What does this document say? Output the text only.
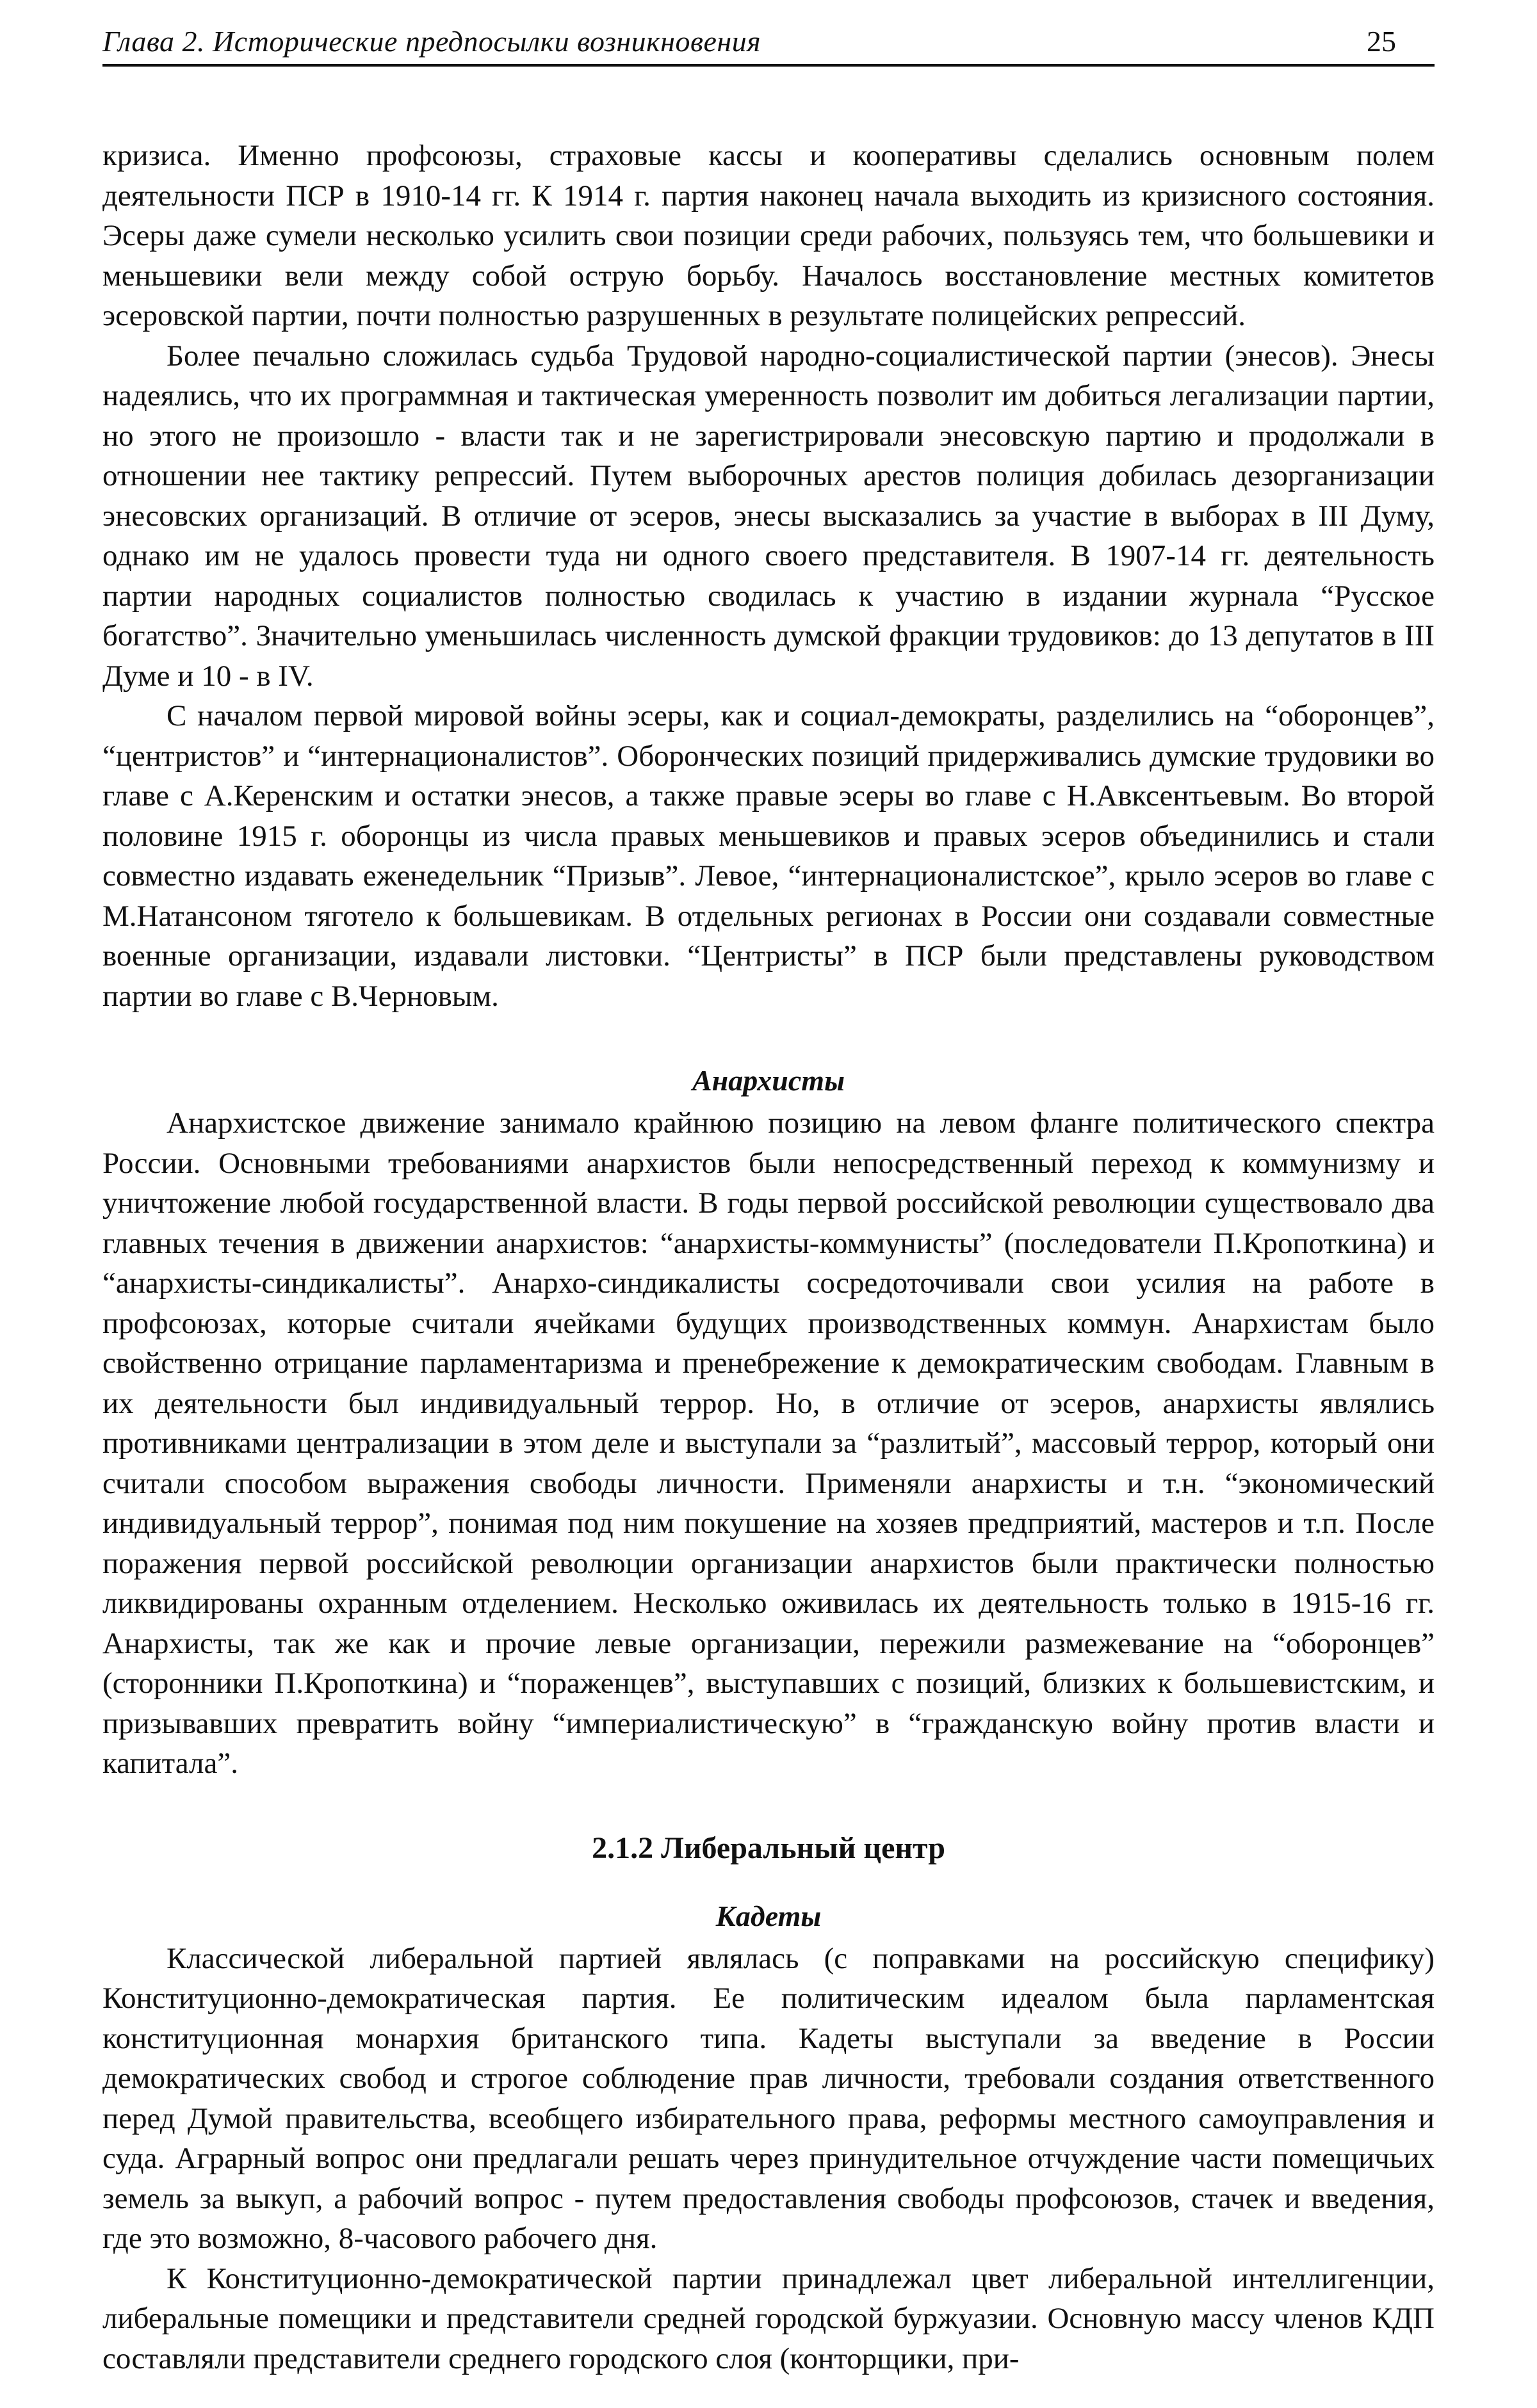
Глава 2. Исторические предпосылки возникновения	25

кризиса. Именно профсоюзы, страховые кассы и кооперативы сделались основным полем деятельности ПСР в 1910-14 гг. К 1914 г. партия наконец начала выходить из кризисного состояния. Эсеры даже сумели несколько усилить свои позиции среди рабочих, пользуясь тем, что большевики и меньшевики вели между собой острую борьбу. Началось восстановление местных комитетов эсеровской партии, почти полностью разрушенных в результате полицейских репрессий.

Более печально сложилась судьба Трудовой народно-социалистической партии (энесов). Энесы надеялись, что их программная и тактическая умеренность позволит им добиться легализации партии, но этого не произошло - власти так и не зарегистрировали энесовскую партию и продолжали в отношении нее тактику репрессий. Путем выборочных арестов полиция добилась дезорганизации энесовских организаций. В отличие от эсеров, энесы высказались за участие в выборах в III Думу, однако им не удалось провести туда ни одного своего представителя. В 1907-14 гг. деятельность партии народных социалистов полностью сводилась к участию в издании журнала “Русское богатство”. Значительно уменьшилась численность думской фракции трудовиков: до 13 депутатов в III Думе и 10 - в IV.

С началом первой мировой войны эсеры, как и социал-демократы, разделились на “оборонцев”, “центристов” и “интернационалистов”. Оборонческих позиций придерживались думские трудовики во главе с А.Керенским и остатки энесов, а также правые эсеры во главе с Н.Авксентьевым. Во второй половине 1915 г. оборонцы из числа правых меньшевиков и правых эсеров объединились и стали совместно издавать еженедельник “Призыв”. Левое, “интернационалистское”, крыло эсеров во главе с М.Натансоном тяготело к большевикам. В отдельных регионах в России они создавали совместные военные организации, издавали листовки. “Центристы” в ПСР были представлены руководством партии во главе с В.Черновым.

Анархисты

Анархистское движение занимало крайнюю позицию на левом фланге политического спектра России. Основными требованиями анархистов были непосредственный переход к коммунизму и уничтожение любой государственной власти. В годы первой российской революции существовало два главных течения в движении анархистов: “анархисты-коммунисты” (последователи П.Кропоткина) и “анархисты-синдикалисты”. Анархо-синдикалисты сосредоточивали свои усилия на работе в профсоюзах, которые считали ячейками будущих производственных коммун. Анархистам было свойственно отрицание парламентаризма и пренебрежение к демократическим свободам. Главным в их деятельности был индивидуальный террор. Но, в отличие от эсеров, анархисты являлись противниками централизации в этом деле и выступали за “разлитый”, массовый террор, который они считали способом выражения свободы личности. Применяли анархисты и т.н. “экономический индивидуальный террор”, понимая под ним покушение на хозяев предприятий, мастеров и т.п. После поражения первой российской революции организации анархистов были практически полностью ликвидированы охранным отделением. Несколько оживилась их деятельность только в 1915-16 гг. Анархисты, так же как и прочие левые организации, пережили размежевание на “оборонцев” (сторонники П.Кропоткина) и “пораженцев”, выступавших с позиций, близких к большевистским, и призывавших превратить войну “империалистическую” в “гражданскую войну против власти и капитала”.

2.1.2 Либеральный центр
Кадеты

Классической либеральной партией являлась (с поправками на российскую специфику) Конституционно-демократическая партия. Ее политическим идеалом была парламентская конституционная монархия британского типа. Кадеты выступали за введение в России демократических свобод и строгое соблюдение прав личности, требовали создания ответственного перед Думой правительства, всеобщего избирательного права, реформы местного самоуправления и суда. Аграрный вопрос они предлагали решать через принудительное отчуждение части помещичьих земель за выкуп, а рабочий вопрос - путем предоставления свободы профсоюзов, стачек и введения, где это возможно, 8-часового рабочего дня.

К Конституционно-демократической партии принадлежал цвет либеральной интеллигенции, либеральные помещики и представители средней городской буржуазии. Основную массу членов КДП составляли представители среднего городского слоя (конторщики, при-
